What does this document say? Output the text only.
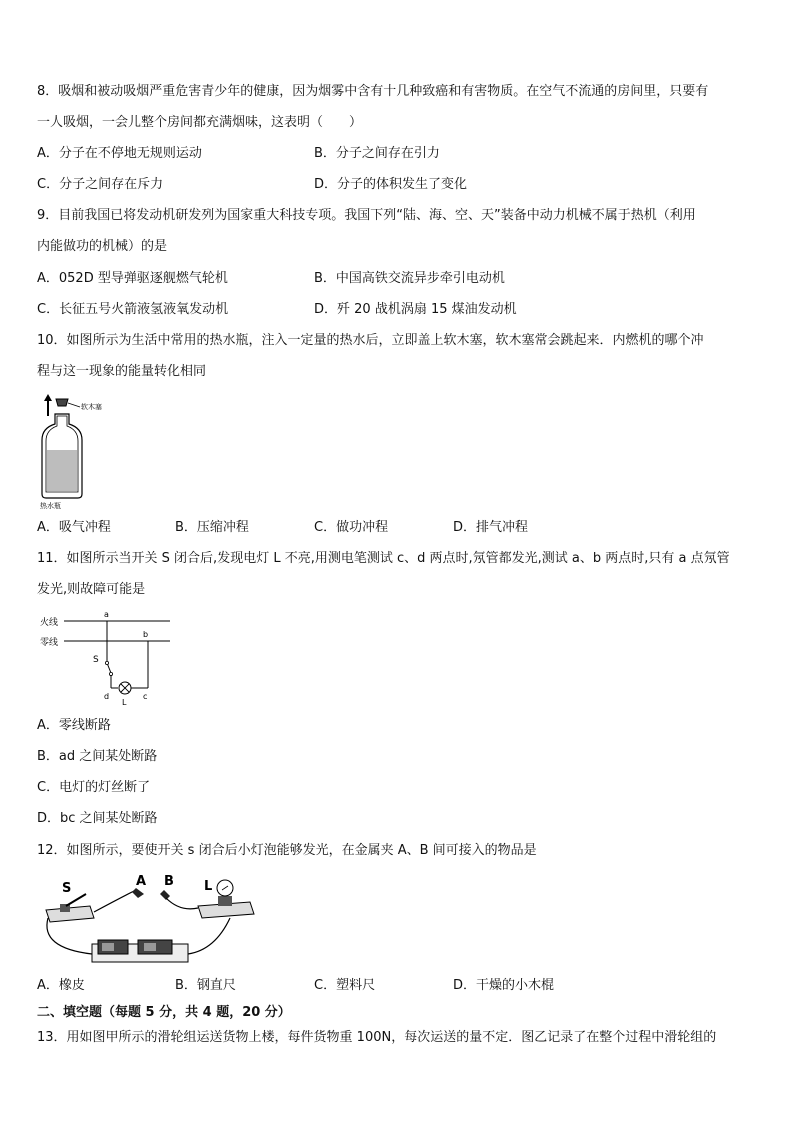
8．吸烟和被动吸烟严重危害青少年的健康，因为烟雾中含有十几种致癌和有害物质。在空气不流通的房间里，只要有
一人吸烟，一会儿整个房间都充满烟味，这表明（　　）
A．分子在不停地无规则运动	B．分子之间存在引力
C．分子之间存在斥力	D．分子的体积发生了变化
9．目前我国已将发动机研发列为国家重大科技专项。我国下列“陆、海、空、天”装备中动力机械不属于热机（利用
内能做功的机械）的是
A．052D 型导弹驱逐舰燃气轮机	B．中国高铁交流异步牵引电动机
C．长征五号火箭液氢液氧发动机	D．歼 20 战机涡扇 15 煤油发动机
10．如图所示为生活中常用的热水瓶，注入一定量的热水后，立即盖上软木塞，软木塞常会跳起来．内燃机的哪个冲
程与这一现象的能量转化相同
软木塞
热水瓶
A．吸气冲程	B．压缩冲程	C．做功冲程	D．排气冲程
11．如图所示当开关 S 闭合后,发现电灯 L 不亮,用测电笔测试 c、d 两点时,氖管都发光,测试 a、b 两点时,只有 a 点氖管
发光,则故障可能是
火线
零线
a
b
S
L
d	c
A．零线断路
B．ad 之间某处断路
C．电灯的灯丝断了
D．bc 之间某处断路
12．如图所示，要使开关 s 闭合后小灯泡能够发光，在金属夹 A、B 间可接入的物品是
S	A B L
A．橡皮	B．钢直尺	C．塑料尺	D．干燥的小木棍
二、填空题（每题 5 分，共 4 题，20 分）
13．用如图甲所示的滑轮组运送货物上楼，每件货物重 100N，每次运送的量不定．图乙记录了在整个过程中滑轮组的
